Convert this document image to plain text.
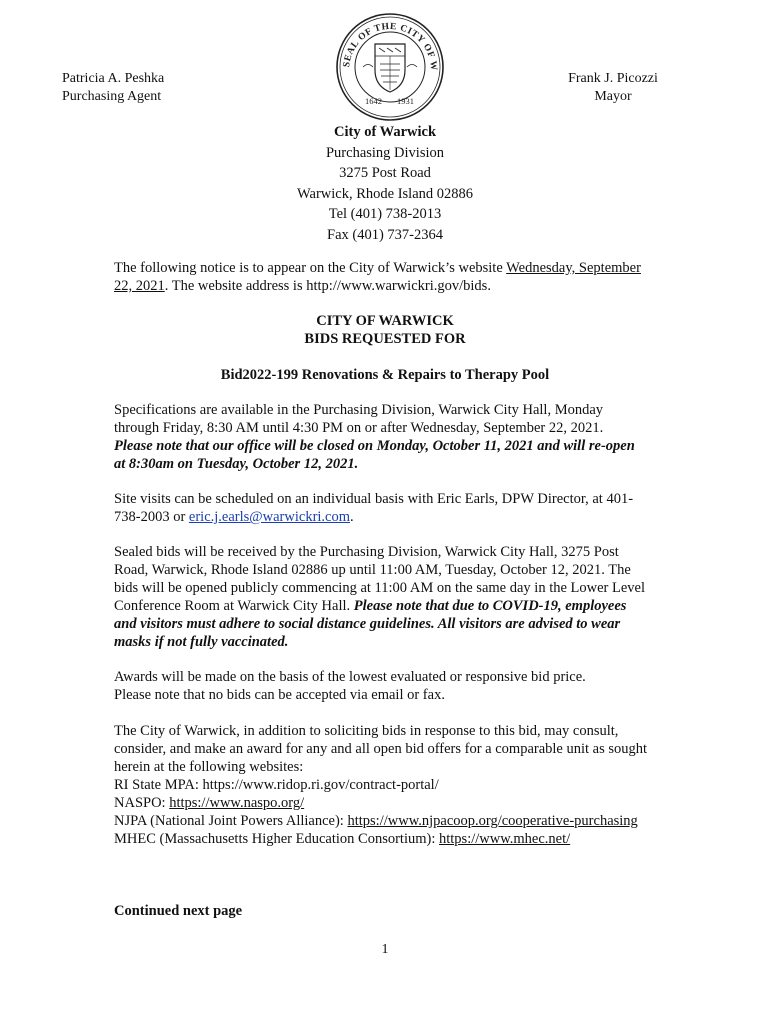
SEAL OF THE CITY OF W
1642 1931
Patricia A. Peshka
Purchasing Agent
Frank J. Picozzi
Mayor
City of Warwick
Purchasing Division
3275 Post Road
Warwick, Rhode Island 02886
Tel (401) 738-2013
Fax (401) 737-2364
The following notice is to appear on the City of Warwick’s website Wednesday, September
22, 2021. The website address is http://www.warwickri.gov/bids.
CITY OF WARWICK
BIDS REQUESTED FOR
Bid2022-199 Renovations & Repairs to Therapy Pool
Specifications are available in the Purchasing Division, Warwick City Hall, Monday
through Friday, 8:30 AM until 4:30 PM on or after Wednesday, September 22, 2021.
Please note that our office will be closed on Monday, October 11, 2021 and will re-open
at 8:30am on Tuesday, October 12, 2021.
Site visits can be scheduled on an individual basis with Eric Earls, DPW Director, at 401-
738-2003 or eric.j.earls@warwickri.com.
Sealed bids will be received by the Purchasing Division, Warwick City Hall, 3275 Post
Road, Warwick, Rhode Island 02886 up until 11:00 AM, Tuesday, October 12, 2021. The
bids will be opened publicly commencing at 11:00 AM on the same day in the Lower Level
Conference Room at Warwick City Hall. Please note that due to COVID-19, employees
and visitors must adhere to social distance guidelines. All visitors are advised to wear
masks if not fully vaccinated.
Awards will be made on the basis of the lowest evaluated or responsive bid price.
Please note that no bids can be accepted via email or fax.
The City of Warwick, in addition to soliciting bids in response to this bid, may consult,
consider, and make an award for any and all open bid offers for a comparable unit as sought
herein at the following websites:
RI State MPA: https://www.ridop.ri.gov/contract-portal/
NASPO: https://www.naspo.org/
NJPA (National Joint Powers Alliance): https://www.njpacoop.org/cooperative-purchasing
MHEC (Massachusetts Higher Education Consortium): https://www.mhec.net/
Continued next page
1
